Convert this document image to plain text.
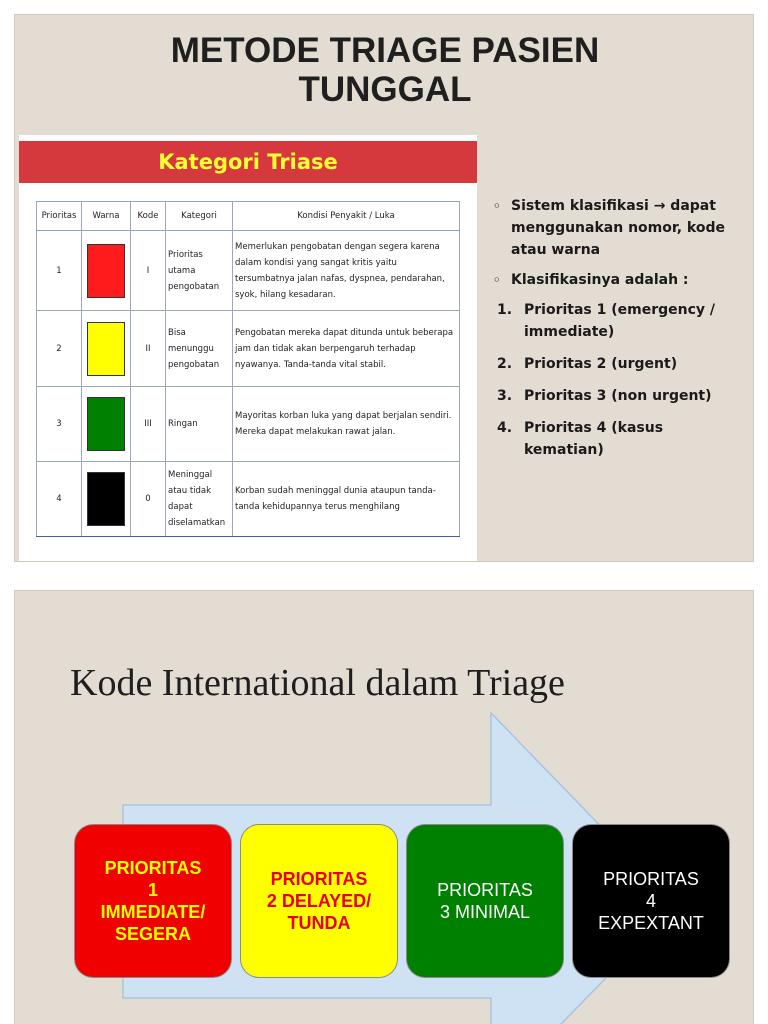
METODE TRIAGE PASIEN
TUNGGAL
Kategori Triase
Prioritas	Warna	Kode	Kategori	Kondisi Penyakit / Luka
1		I	Prioritas utama pengobatan	Memerlukan pengobatan dengan segera karena dalam kondisi yang sangat kritis yaitu tersumbatnya jalan nafas, dyspnea, pendarahan, syok, hilang kesadaran.
2		II	Bisa menunggu pengobatan	Pengobatan mereka dapat ditunda untuk beberapa jam dan tidak akan berpengaruh terhadap nyawanya. Tanda-tanda vital stabil.
3		III	Ringan	Mayoritas korban luka yang dapat berjalan sendiri. Mereka dapat melakukan rawat jalan.
4		0	Meninggal atau tidak dapat diselamatkan	Korban sudah meninggal dunia ataupun tanda-tanda kehidupannya terus menghilang
◦ Sistem klasifikasi → dapat menggunakan nomor, kode atau warna
◦ Klasifikasinya adalah :
1. Prioritas 1 (emergency / immediate)
2. Prioritas 2 (urgent)
3. Prioritas 3 (non urgent)
4. Prioritas 4 (kasus kematian)
Kode International dalam Triage
PRIORITAS
1
IMMEDIATE/
SEGERA
PRIORITAS
2 DELAYED/
TUNDA
PRIORITAS
3 MINIMAL
PRIORITAS
4
EXPEXTANT
